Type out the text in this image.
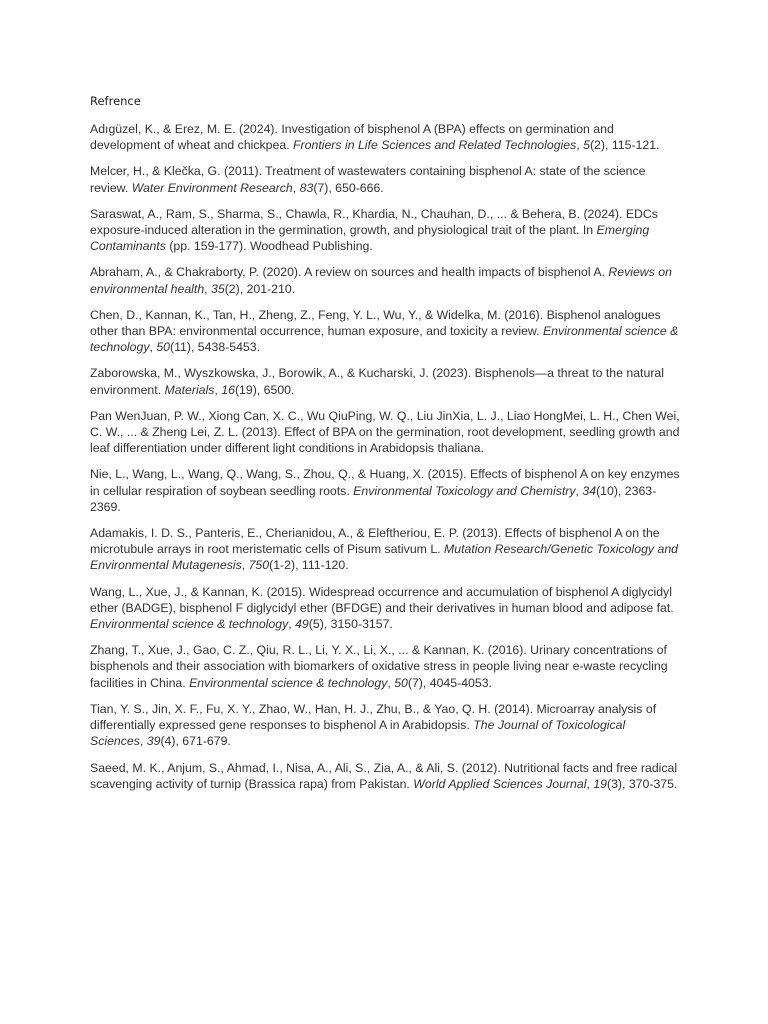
Refrence

Adıgüzel, K., & Erez, M. E. (2024). Investigation of bisphenol A (BPA) effects on germination and development of wheat and chickpea. Frontiers in Life Sciences and Related Technologies, 5(2), 115-121.

Melcer, H., & Klečka, G. (2011). Treatment of wastewaters containing bisphenol A: state of the science review. Water Environment Research, 83(7), 650-666.

Saraswat, A., Ram, S., Sharma, S., Chawla, R., Khardia, N., Chauhan, D., ... & Behera, B. (2024). EDCs exposure-induced alteration in the germination, growth, and physiological trait of the plant. In Emerging Contaminants (pp. 159-177). Woodhead Publishing.

Abraham, A., & Chakraborty, P. (2020). A review on sources and health impacts of bisphenol A. Reviews on environmental health, 35(2), 201-210.

Chen, D., Kannan, K., Tan, H., Zheng, Z., Feng, Y. L., Wu, Y., & Widelka, M. (2016). Bisphenol analogues other than BPA: environmental occurrence, human exposure, and toxicity a review. Environmental science & technology, 50(11), 5438-5453.

Zaborowska, M., Wyszkowska, J., Borowik, A., & Kucharski, J. (2023). Bisphenols—a threat to the natural environment. Materials, 16(19), 6500.

Pan WenJuan, P. W., Xiong Can, X. C., Wu QiuPing, W. Q., Liu JinXia, L. J., Liao HongMei, L. H., Chen Wei, C. W., ... & Zheng Lei, Z. L. (2013). Effect of BPA on the germination, root development, seedling growth and leaf differentiation under different light conditions in Arabidopsis thaliana.

Nie, L., Wang, L., Wang, Q., Wang, S., Zhou, Q., & Huang, X. (2015). Effects of bisphenol A on key enzymes in cellular respiration of soybean seedling roots. Environmental Toxicology and Chemistry, 34(10), 2363-2369.

Adamakis, I. D. S., Panteris, E., Cherianidou, A., & Eleftheriou, E. P. (2013). Effects of bisphenol A on the microtubule arrays in root meristematic cells of Pisum sativum L. Mutation Research/Genetic Toxicology and Environmental Mutagenesis, 750(1-2), 111-120.

Wang, L., Xue, J., & Kannan, K. (2015). Widespread occurrence and accumulation of bisphenol A diglycidyl ether (BADGE), bisphenol F diglycidyl ether (BFDGE) and their derivatives in human blood and adipose fat. Environmental science & technology, 49(5), 3150-3157.

Zhang, T., Xue, J., Gao, C. Z., Qiu, R. L., Li, Y. X., Li, X., ... & Kannan, K. (2016). Urinary concentrations of bisphenols and their association with biomarkers of oxidative stress in people living near e-waste recycling facilities in China. Environmental science & technology, 50(7), 4045-4053.

Tian, Y. S., Jin, X. F., Fu, X. Y., Zhao, W., Han, H. J., Zhu, B., & Yao, Q. H. (2014). Microarray analysis of differentially expressed gene responses to bisphenol A in Arabidopsis. The Journal of Toxicological Sciences, 39(4), 671-679.

Saeed, M. K., Anjum, S., Ahmad, I., Nisa, A., Ali, S., Zia, A., & Ali, S. (2012). Nutritional facts and free radical scavenging activity of turnip (Brassica rapa) from Pakistan. World Applied Sciences Journal, 19(3), 370-375.
